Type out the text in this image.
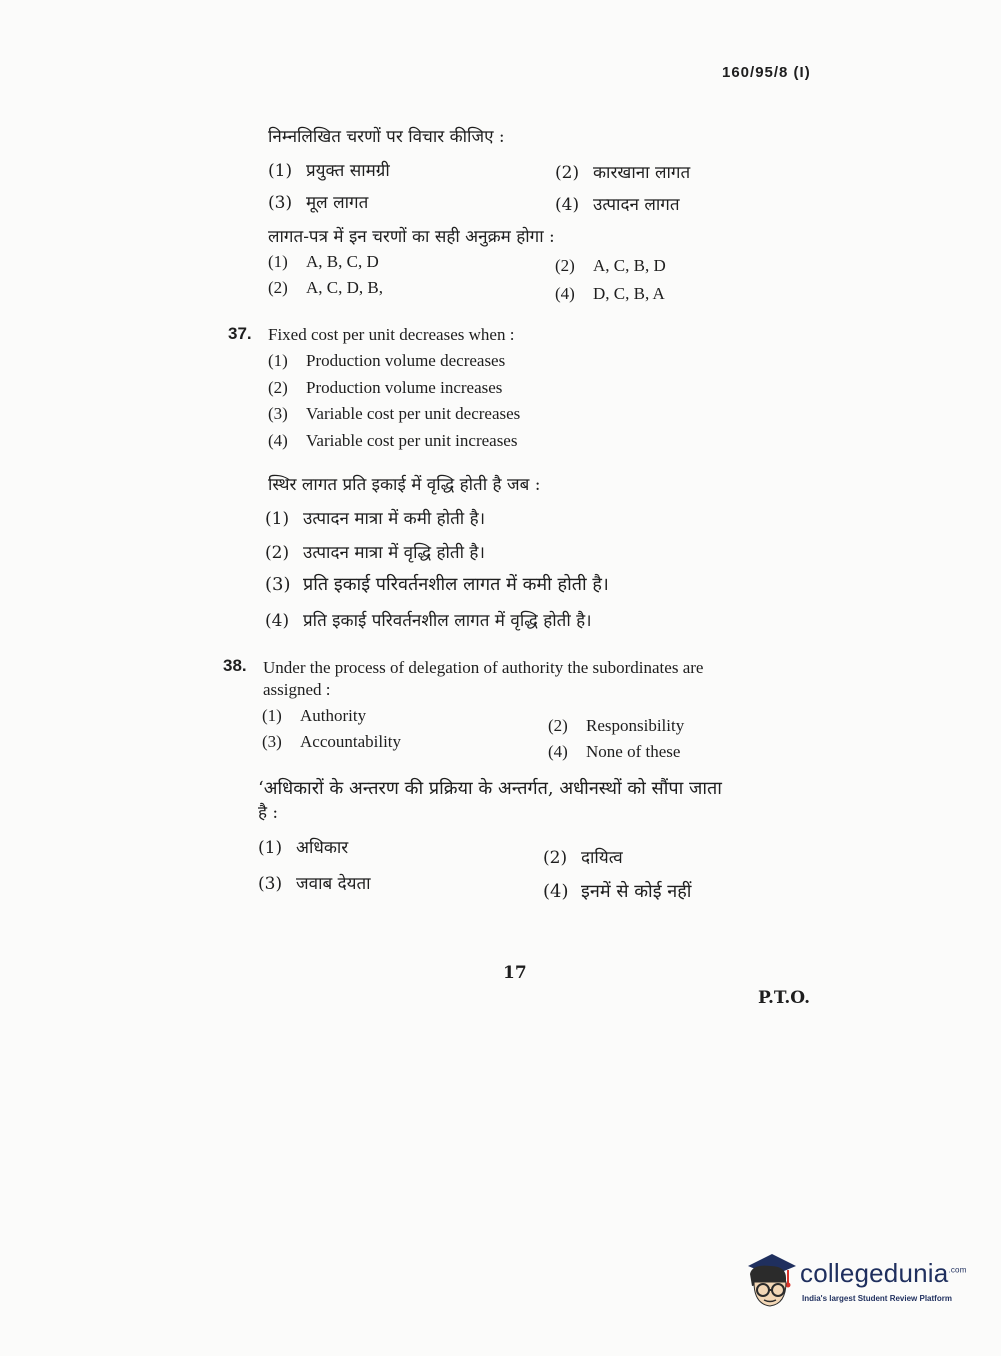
160/95/8 (I)
निम्नलिखित चरणों पर विचार कीजिए :
(1) प्रयुक्त सामग्री	(2) कारखाना लागत
(3) मूल लागत	(4) उत्पादन लागत
लागत-पत्र में इन चरणों का सही अनुक्रम होगा :
(1) A, B, C, D	(2) A, C, B, D
(2) A, C, D, B,	(4) D, C, B, A
37. Fixed cost per unit decreases when :
(1) Production volume decreases
(2) Production volume increases
(3) Variable cost per unit decreases
(4) Variable cost per unit increases
स्थिर लागत प्रति इकाई में वृद्धि होती है जब :
(1) उत्पादन मात्रा में कमी होती है।
(2) उत्पादन मात्रा में वृद्धि होती है।
(3) प्रति इकाई परिवर्तनशील लागत में कमी होती है।
(4) प्रति इकाई परिवर्तनशील लागत में वृद्धि होती है।
38. Under the process of delegation of authority the subordinates are
assigned :
(1) Authority
(2) Responsibility
(3) Accountability
(4) None of these
‘अधिकारों के अन्तरण की प्रक्रिया के अन्तर्गत, अधीनस्थों को सौंपा जाता
है :
(1) अधिकार	(2) दायित्व
(3) जवाब देयता	(4) इनमें से कोई नहीं
17
P.T.O.
collegedunia$^{.com}$
India's largest Student Review Platform
